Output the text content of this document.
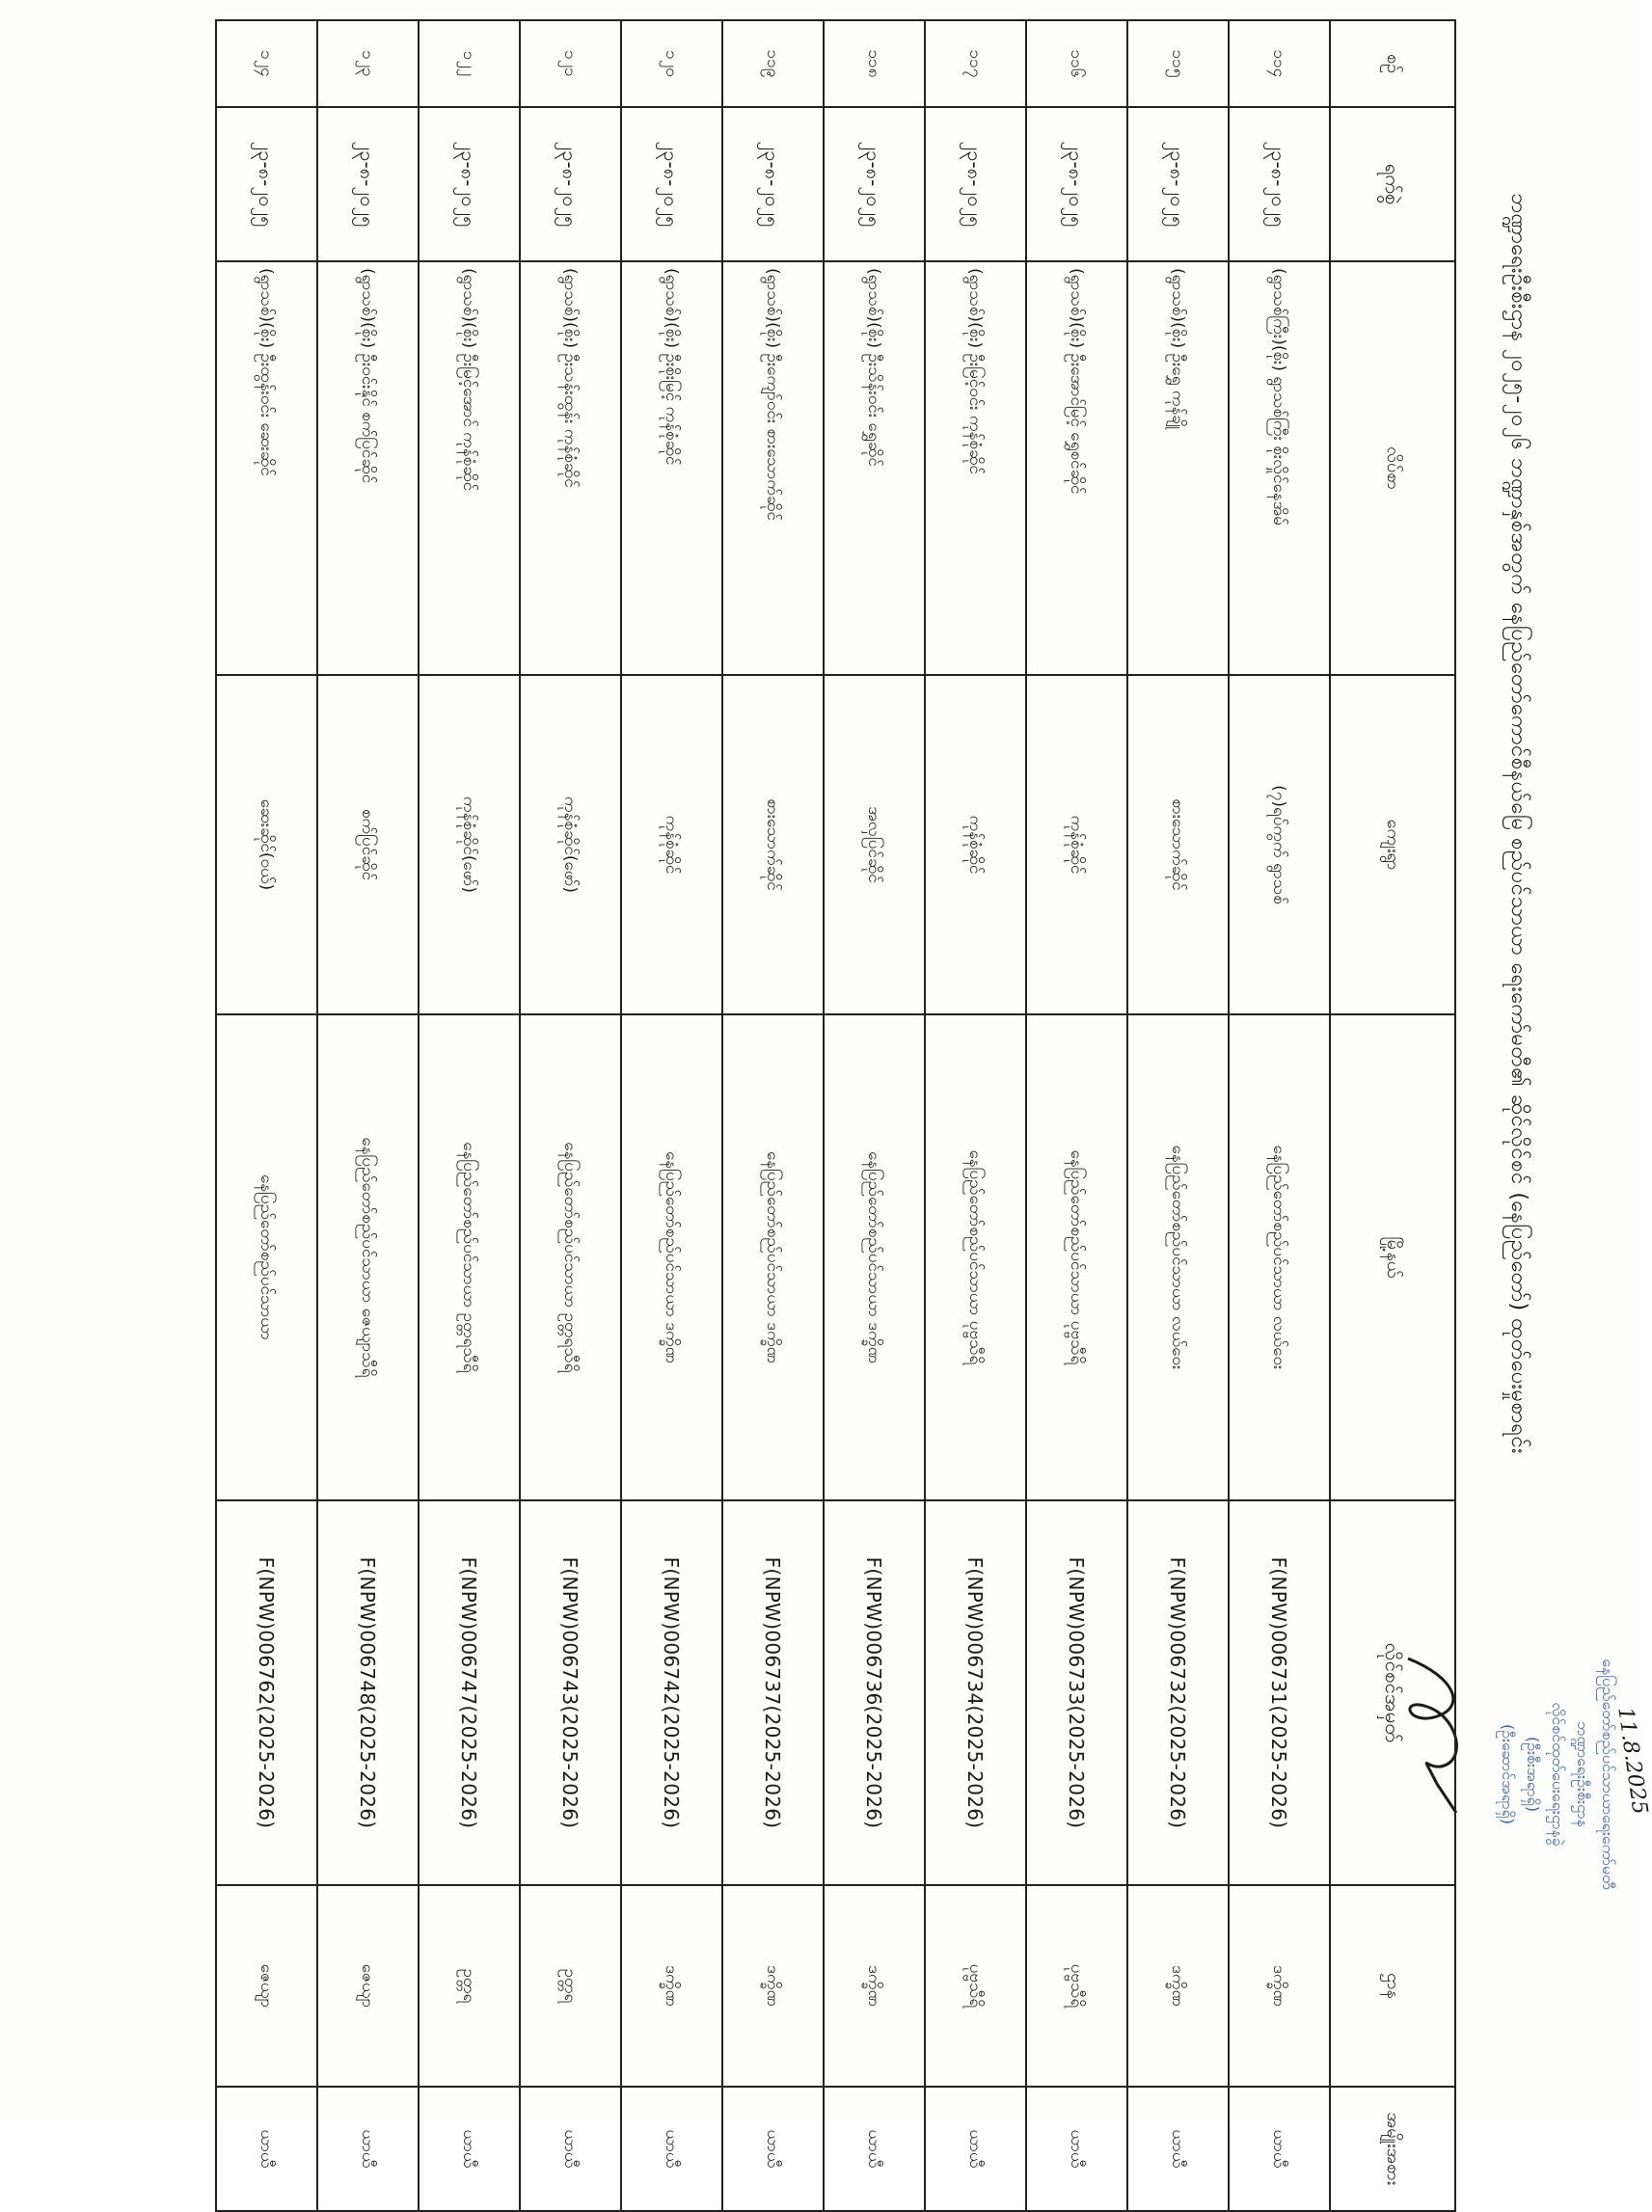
ဘဏ္ဍာရေးဦးစီးဌာန ၂၀၂၅-၂၀၂၆ ဘဏ္ဍာနှစ်အတွက် နေပြည်တော်ကောင်စီနယ်မြေ စည်ပင်သာယာ ရေးကော်မတီ၏ ဆိုင်လိုင်စင် (နေပြည်တော်) ထုတ်ပေးမှုစာရင်း
နေပြည်တော်စည်ပင်သာယာရေးကော်မတီ
ဘဏ္ဍာရေးဦးစီးဌာန
လိုင်စင်ထုတ်ပေးရေးဌာနခွဲ
(ဦးစီးအရာရှိ)
(ဦးဆောင်အရာရှိ)	11.8.2025
စဉ်	ရက်စွဲ	လိပ်စာ	ကျေးရွာ	မြို့နယ်	လိုင်စင်အမှတ်	ဌာန	အမျိုးအစား
၁၁၄	၂၃-၈-၂၀၂၅	(ရွာသစ်ကြီး)(စိုး) ရွာသစ်ကြီး စိုးလှိုင်နေအိမ်	(၇)ရပ်ကွက် ရွာသစ်	နေပြည်တော်စည်ပင်သာယာ လယ်ဝေး	F(NPW)006731(2025-2026)	ဒက္ခိဏ	ယာယီ
၁၁၅	၂၃-၈-၂၀၂၅	(ရွာသစ်)(စိုး) ဦးရွှေ ကုန်ချို	စားသောက်ဆိုင်	နေပြည်တော်စည်ပင်သာယာ လယ်ဝေး	F(NPW)006732(2025-2026)	ဒက္ခိဏ	ယာယီ
၁၁၆	၂၃-၈-၂၀၂၅	(ရွာသစ်)(စိုး) ဦးအောင်မြင့် ရွှေစင်ဆိုင်	ကုန်စုံဆိုင်	နေပြည်တော်စည်ပင်သာယာ ပုဗ္ဗသီရိ	F(NPW)006733(2025-2026)	ပုဗ္ဗသီရိ	ယာယီ
၁၁၇	၂၃-၈-၂၀၂၅	(ရွာသစ်)(စိုး) ဦးမြင့်ဝင်း ကုန်စုံဆိုင်	ကုန်စုံဆိုင်	နေပြည်တော်စည်ပင်သာယာ ပုဗ္ဗသီရိ	F(NPW)006734(2025-2026)	ပုဗ္ဗသီရိ	ယာယီ
၁၁၈	၂၃-၈-၂၀၂၅	(ရွာသစ်)(စိုး) ဦးသိန်းဝင်း ရွှေဆိုင်	အလှပြင်ဆိုင်	နေပြည်တော်စည်ပင်သာယာ ဒက္ခိဏ	F(NPW)006736(2025-2026)	ဒက္ခိဏ	ယာယီ
၁၁၉	၂၃-၈-၂၀၂၅	(ရွာသစ်)(စိုး) ဦးကျော်ဝင်း စားသောက်ဆိုင်	စားသောက်ဆိုင်	နေပြည်တော်စည်ပင်သာယာ ဒက္ခိဏ	F(NPW)006737(2025-2026)	ဒက္ခိဏ	ယာယီ
၁၂၀	၂၃-၈-၂၀၂၅	(ရွာသစ်)(စိုး) ဦးစိုးမြင့် ကုန်စုံဆိုင်	ကုန်စုံဆိုင်	နေပြည်တော်စည်ပင်သာယာ ဒက္ခိဏ	F(NPW)006742(2025-2026)	ဒက္ခိဏ	ယာယီ
၁၂၁	၂၃-၈-၂၀၂၅	(ရွာသစ်)(စိုး) ဦးသန်းထွန်း ကုန်စုံဆိုင်	ကုန်စုံဆိုင်(ဖော်)	နေပြည်တော်စည်ပင်သာယာ ဥတ္တရသီရိ	F(NPW)006743(2025-2026)	ဥတ္တရ	ယာယီ
၁၂၂	၂၃-၈-၂၀၂၅	(ရွာသစ်)(စိုး) ဦးမြင့်အောင် ကုန်စုံဆိုင်	ကုန်စုံဆိုင်(ဖော်)	နေပြည်တော်စည်ပင်သာယာ ဥတ္တရသီရိ	F(NPW)006747(2025-2026)	ဥတ္တရ	ယာယီ
၁၂၃	၂၃-၈-၂၀၂၅	(ရွာသစ်)(စိုး) ဦးဝင်းနိုင် စက်ပြင်ဆိုင်	စက်ပြင်ဆိုင်	နေပြည်တော်စည်ပင်သာယာ ဇေယျာသီရိ	F(NPW)006748(2025-2026)	ဇေယျာ	ယာယီ
၁၂၄	၂၃-၈-၂၀၂၅	(ရွာသစ်)(စိုး) ဦးထွန်းဝင်း ဆေးဆိုင်	ဆေးဆိုင်(ဝယ်)	နေပြည်တော်စည်ပင်သာယာ	F(NPW)006762(2025-2026)	ဇေယျာ	ယာယီ
